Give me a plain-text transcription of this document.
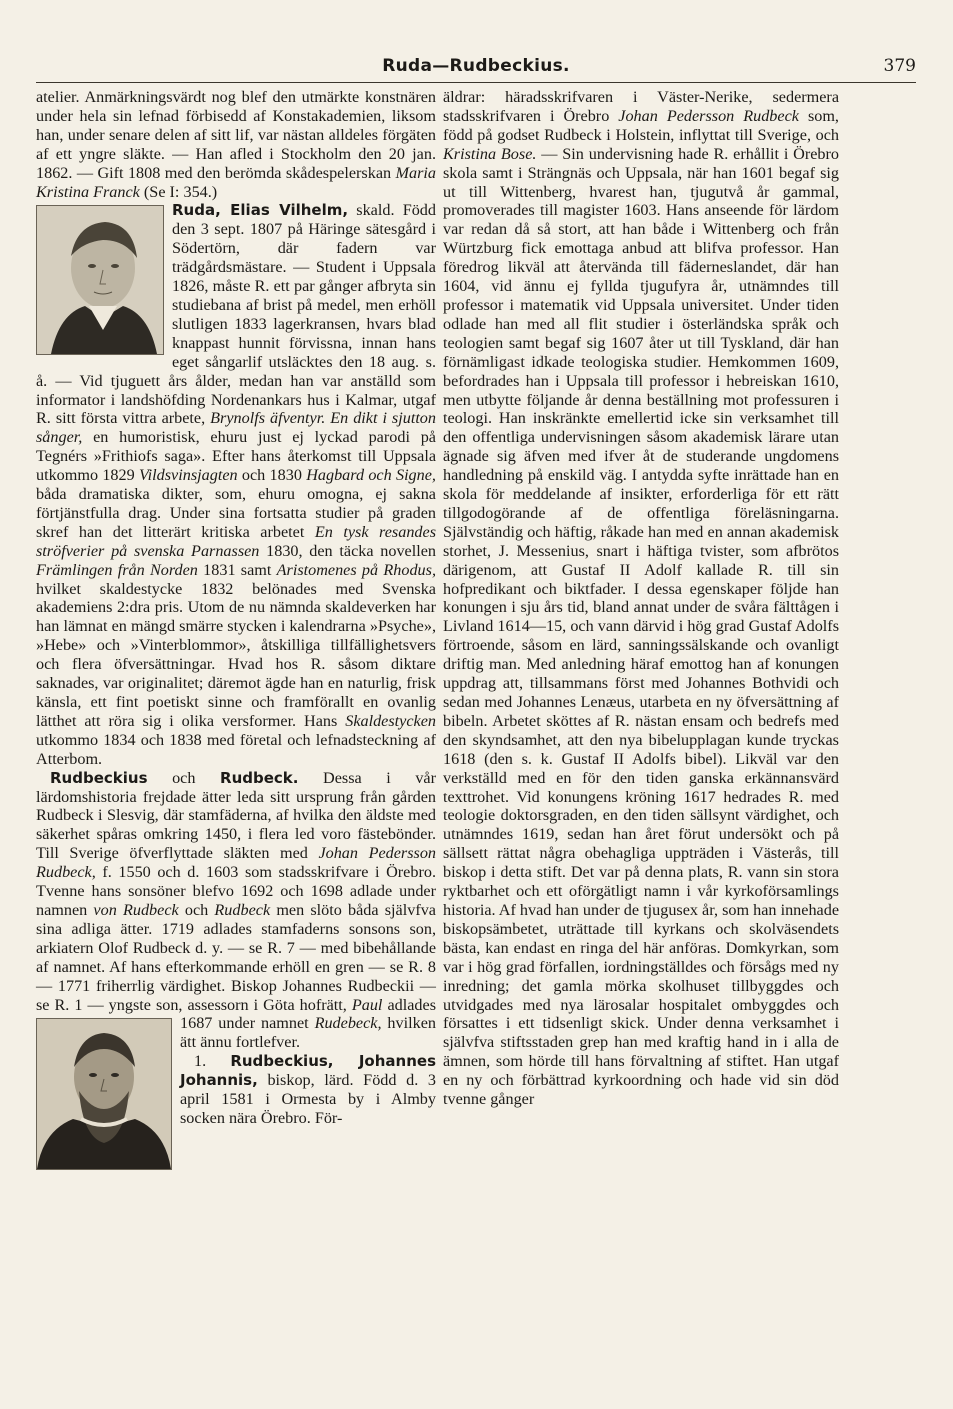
Ruda—Rudbeckius.	379

atelier. Anmärkningsvärdt nog blef den utmärkte konstnären under hela sin lefnad förbisedd af Konstakademien, liksom han, under senare delen af sitt lif, var nästan alldeles förgäten af ett yngre släkte. — Han afled i Stockholm den 20 jan. 1862. — Gift 1808 med den berömda skådespelerskan Maria Kristina Franck (Se I: 354.)

Ruda, Elias Vilhelm, skald. Född den 3 sept. 1807 på Häringe sätesgård i Södertörn, där fadern var trädgårdsmästare. — Student i Uppsala 1826, måste R. ett par gånger afbryta sin studiebana af brist på medel, men erhöll slutligen 1833 lagerkransen, hvars blad knappast hunnit förvissna, innan hans eget sångarlif utsläcktes den 18 aug. s. å. — Vid tjuguett års ålder, medan han var anställd som informator i landshöfding Nordenankars hus i Kalmar, utgaf R. sitt första vittra arbete, Brynolfs äfventyr. En dikt i sjutton sånger, en humoristisk, ehuru just ej lyckad parodi på Tegnérs »Frithiofs saga». Efter hans återkomst till Uppsala utkommo 1829 Vildsvinsjagten och 1830 Hagbard och Signe, båda dramatiska dikter, som, ehuru omogna, ej sakna förtjänstfulla drag. Under sina fortsatta studier på graden skref han det litterärt kritiska arbetet En tysk resandes ströfverier på svenska Parnassen 1830, den täcka novellen Främlingen från Norden 1831 samt Aristomenes på Rhodus, hvilket skaldestycke 1832 belönades med Svenska akademiens 2:dra pris. Utom de nu nämnda skaldeverken har han lämnat en mängd smärre stycken i kalendrarna »Psyche», »Hebe» och »Vinterblommor», åtskilliga tillfällighetsvers och flera öfversättningar. Hvad hos R. såsom diktare saknades, var originalitet; däremot ägde han en naturlig, frisk känsla, ett fint poetiskt sinne och framförallt en ovanlig lätthet att röra sig i olika versformer. Hans Skaldestycken utkommo 1834 och 1838 med företal och lefnadsteckning af Atterbom.

Rudbeckius och Rudbeck. Dessa i vår lärdomshistoria frejdade ätter leda sitt ursprung från gården Rudbeck i Slesvig, där stamfäderna, af hvilka den äldste med säkerhet spåras omkring 1450, i flera led voro fästebönder. Till Sverige öfverflyttade släkten med Johan Pedersson Rudbeck, f. 1550 och d. 1603 som stadsskrifvare i Örebro. Tvenne hans sonsöner blefvo 1692 och 1698 adlade under namnen von Rudbeck och Rudbeck men slöto båda självfva sina adliga ätter. 1719 adlades stamfaderns sonsons son, arkiatern Olof Rudbeck d. y. — se R. 7 — med bibehållande af namnet. Af hans efterkommande erhöll en gren — se R. 8 — 1771 friherrlig värdighet. Biskop Johannes Rudbeckii — se R. 1 — yngste son, assessorn i Göta hofrätt,
Paul adlades 1687 under namnet Rudebeck, hvilken ätt ännu fortlefver.

1. Rudbeckius, Johannes Johannis, biskop, lärd. Född d. 3 april 1581 i Ormesta by i Almby socken nära Örebro. För-

äldrar: häradsskrifvaren i Väster-Nerike, sedermera stadsskrifvaren i Örebro Johan Pedersson Rudbeck som, född på godset Rudbeck i Holstein, inflyttat till Sverige, och Kristina Bose. — Sin undervisning hade R. erhållit i Örebro skola samt i Strängnäs och Uppsala, när han 1601 begaf sig ut till Wittenberg, hvarest han, tjugutvå år gammal, promoverades till magister 1603. Hans anseende för lärdom var redan då så stort, att han både i Wittenberg och från Würtzburg fick emottaga anbud att blifva professor. Han föredrog likväl att återvända till fäderneslandet, där han 1604, vid ännu ej fyllda tjugufyra år, utnämndes till professor i matematik vid Uppsala universitet. Under tiden odlade han med all flit studier i österländska språk och teologien samt begaf sig 1607 åter ut till Tyskland, där han förnämligast idkade teologiska studier. Hemkommen 1609, befordrades han i Uppsala till professor i hebreiskan 1610, men utbytte följande år denna beställning mot professuren i teologi. Han inskränkte emellertid icke sin verksamhet till den offentliga undervisningen såsom akademisk lärare utan ägnade sig äfven med ifver åt de studerande ungdomens handledning på enskild väg. I antydda syfte inrättade han en skola för meddelande af insikter, erforderliga för ett rätt tillgodogörande af de offentliga föreläsningarna. Självständig och häftig, råkade han med en annan akademisk storhet, J. Messenius, snart i häftiga tvister, som afbrötos därigenom, att Gustaf II Adolf kallade R. till sin hofpredikant och biktfader. I dessa egenskaper följde han konungen i sju års tid, bland annat under de svåra fälttågen i Livland 1614—15, och vann därvid i hög grad Gustaf Adolfs förtroende, såsom en lärd, sanningssälskande och ovanligt driftig man. Med anledning häraf emottog han af konungen uppdrag att, tillsammans först med Johannes Bothvidi och sedan med Johannes Lenæus, utarbeta en ny öfversättning af bibeln. Arbetet sköttes af R. nästan ensam och bedrefs med den skyndsamhet, att den nya bibelupplagan kunde tryckas 1618 (den s. k. Gustaf II Adolfs bibel). Likväl var den verkställd med en för den tiden ganska erkännansvärd texttrohet. Vid konungens kröning 1617 hedrades R. med teologie doktorsgraden, en den tiden sällsynt värdighet, och utnämndes 1619, sedan han året förut undersökt och på sällsett rättat några obehagliga uppträden i Västerås, till biskop i detta stift. Det var på denna plats, R. vann sin stora ryktbarhet och ett oförgätligt namn i vår kyrkoförsamlings historia. Af hvad han under de tjugusex år, som han innehade biskopsämbetet, uträttade till kyrkans och skolväsendets bästa, kan endast en ringa del här anföras. Domkyrkan, som var i hög grad förfallen, iordningställdes och försågs med ny inredning; det gamla mörka skolhuset tillbyggdes och utvidgades med nya lärosalar hospitalet ombyggdes och försattes i ett tidsenligt skick. Under denna verksamhet i självfva stiftsstaden grep han med kraftig hand in i alla de ämnen, som hörde till hans förvaltning af stiftet. Han utgaf en ny och förbättrad kyrkoordning och hade vid sin död tvenne gånger
